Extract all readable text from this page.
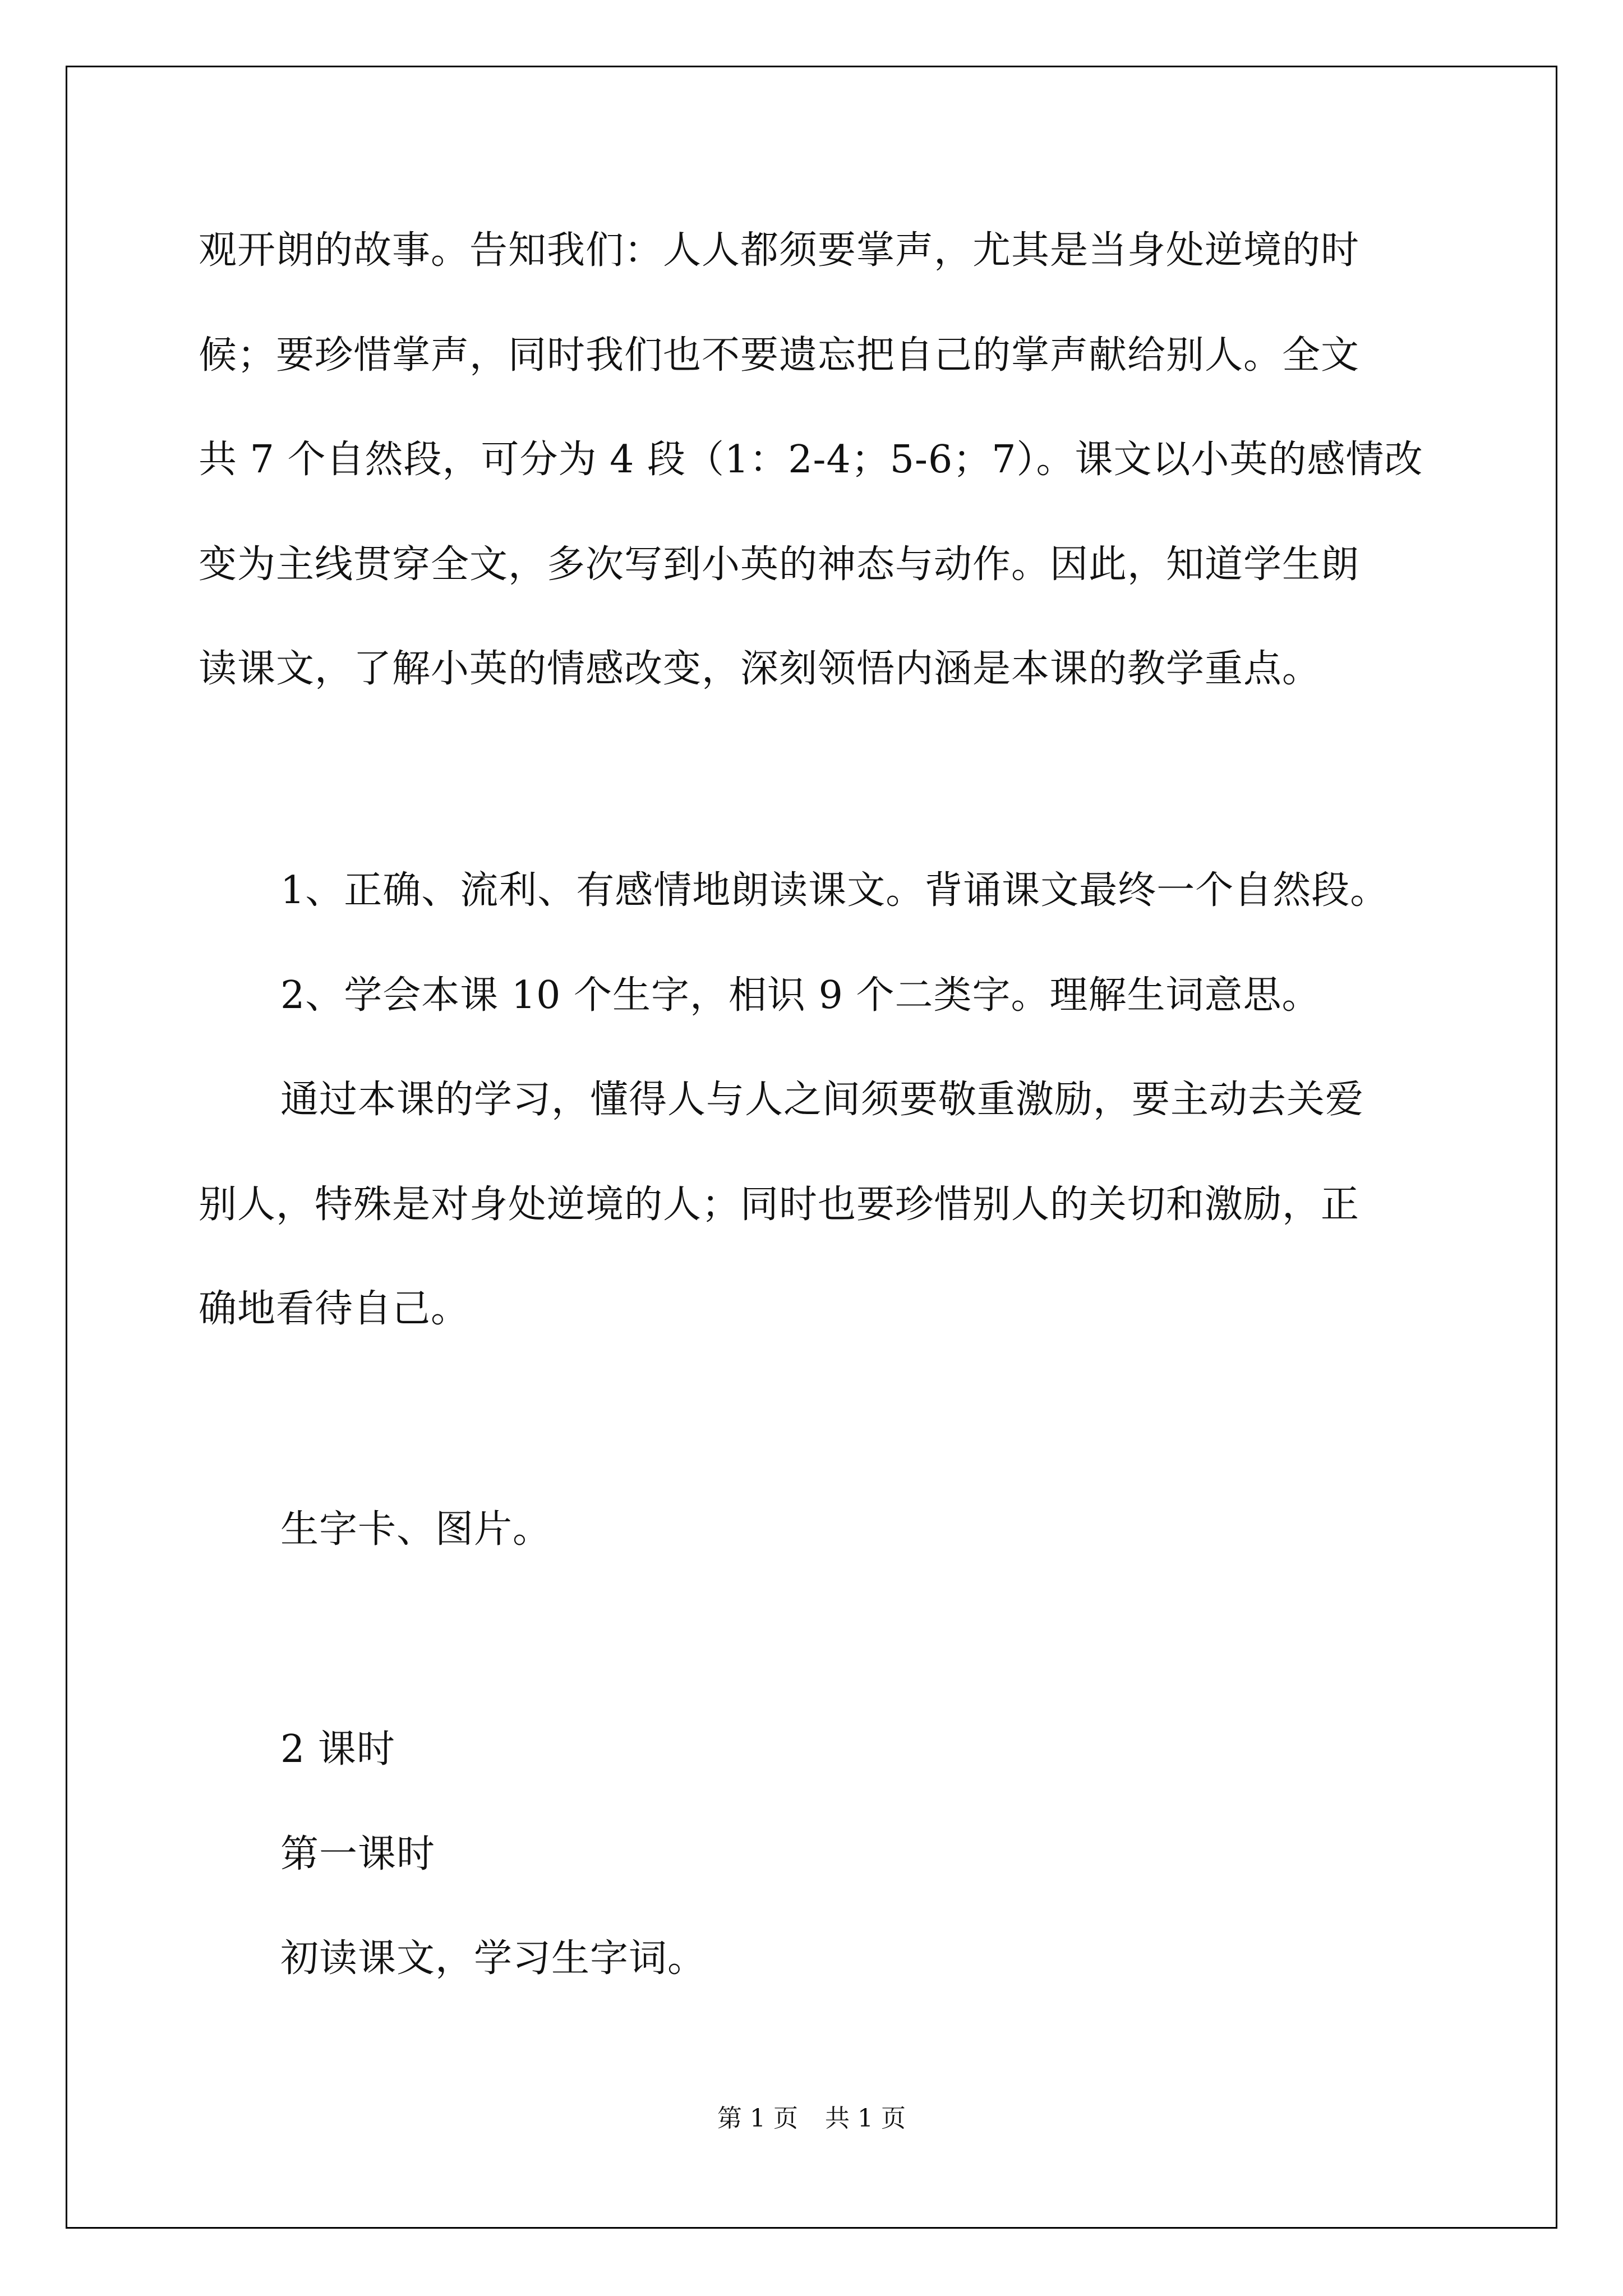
观开朗的故事。告知我们：人人都须要掌声，尤其是当身处逆境的时
候；要珍惜掌声，同时我们也不要遗忘把自己的掌声献给别人。全文
共 7 个自然段，可分为 4 段（1：2-4；5-6；7）。课文以小英的感情改
变为主线贯穿全文，多次写到小英的神态与动作。因此，知道学生朗
读课文，了解小英的情感改变，深刻领悟内涵是本课的教学重点。
1、正确、流利、有感情地朗读课文。背诵课文最终一个自然段。
2、学会本课 10 个生字，相识 9 个二类字。理解生词意思。
通过本课的学习，懂得人与人之间须要敬重激励，要主动去关爱
别人，特殊是对身处逆境的人；同时也要珍惜别人的关切和激励，正
确地看待自己。
生字卡、图片。
2 课时
第一课时
初读课文，学习生字词。
第 1 页 共 1 页
